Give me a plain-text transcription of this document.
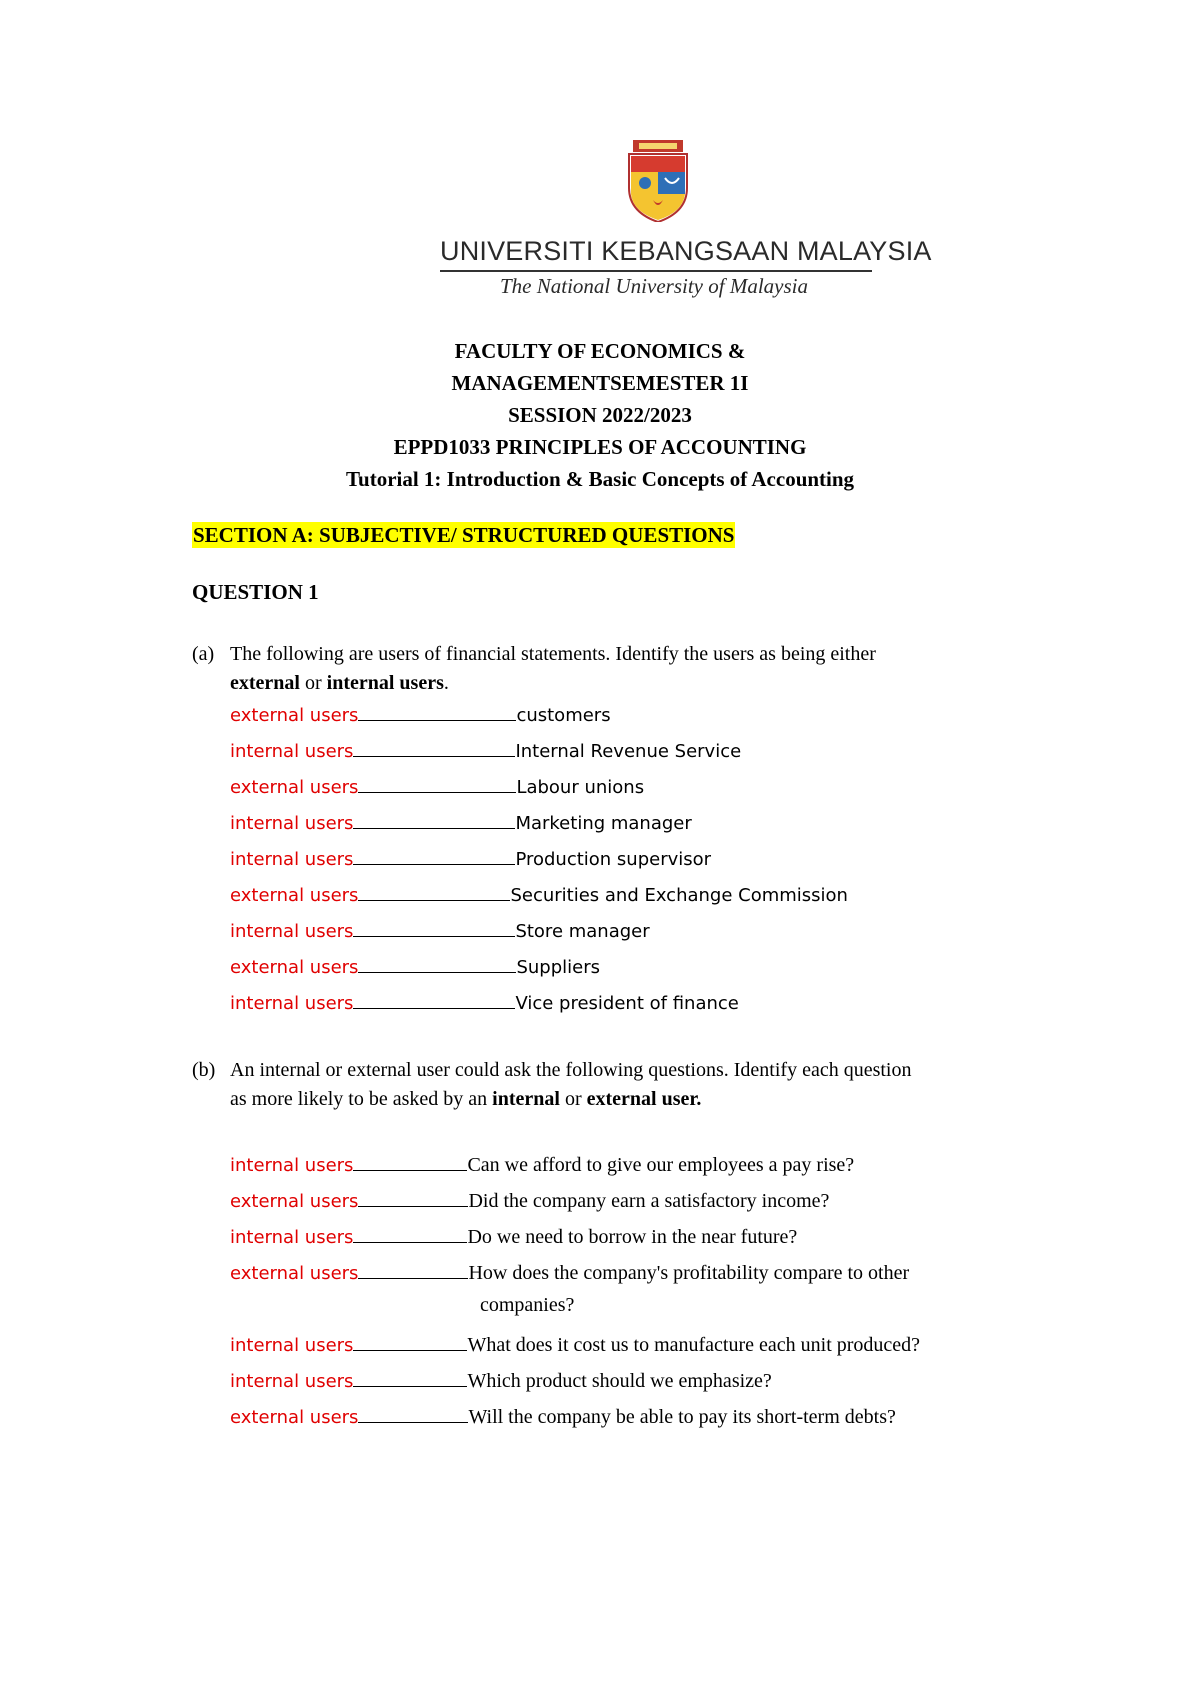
UNIVERSITI KEBANGSAAN MALAYSIA
The National University of Malaysia
FACULTY OF ECONOMICS &
MANAGEMENTSEMESTER 1I
SESSION 2022/2023
EPPD1033 PRINCIPLES OF ACCOUNTING
Tutorial 1: Introduction & Basic Concepts of Accounting
SECTION A: SUBJECTIVE/ STRUCTURED QUESTIONS
QUESTION 1
(a) The following are users of financial statements. Identify the users as being either
external or internal users.
external users	customers
internal users	Internal Revenue Service
external users	Labour unions
internal users	Marketing manager
internal users	Production supervisor
external users	Securities and Exchange Commission
internal users	Store manager
external users	Suppliers
internal users	Vice president of finance
(b) An internal or external user could ask the following questions. Identify each question
as more likely to be asked by an internal or external user.
internal users	Can we afford to give our employees a pay rise?
external users	Did the company earn a satisfactory income?
internal users	Do we need to borrow in the near future?
external users	How does the company's profitability compare to other
companies?
internal users	What does it cost us to manufacture each unit produced?
internal users	Which product should we emphasize?
external users	Will the company be able to pay its short-term debts?
